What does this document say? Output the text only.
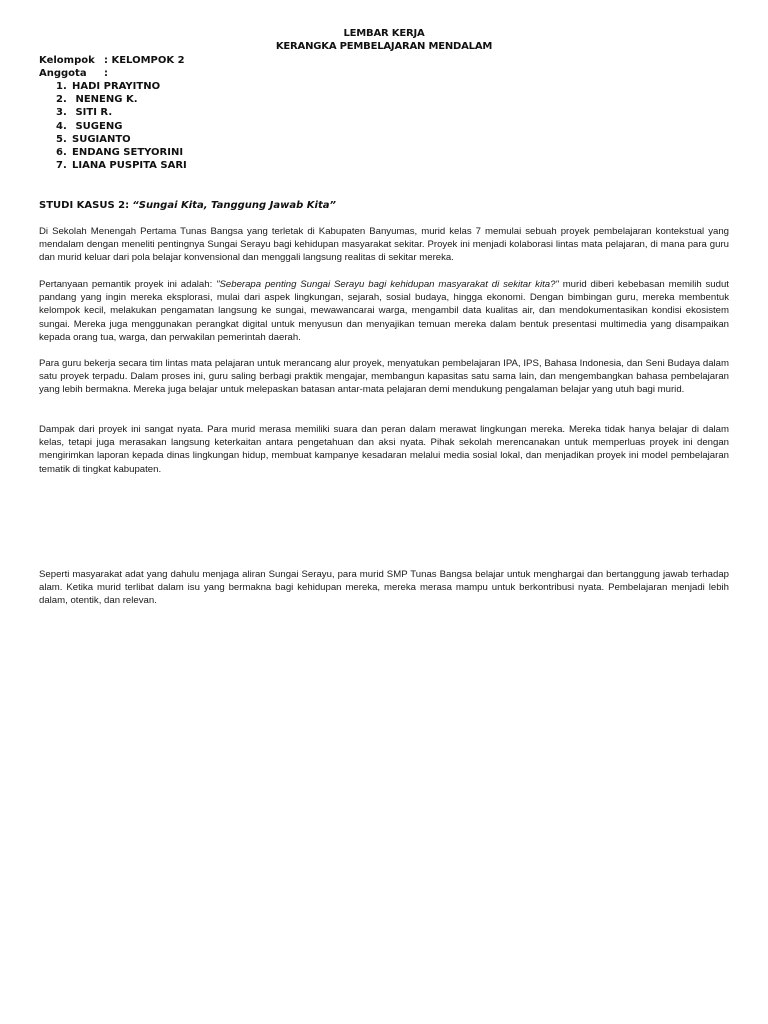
LEMBAR KERJA
KERANGKA PEMBELAJARAN MENDALAM
Kelompok : KELOMPOK 2
Anggota :
1. HADI PRAYITNO
2. NENENG K.
3. SITI R.
4. SUGENG
5. SUGIANTO
6. ENDANG SETYORINI
7. LIANA PUSPITA SARI
STUDI KASUS 2: “Sungai Kita, Tanggung Jawab Kita”
Di Sekolah Menengah Pertama Tunas Bangsa yang terletak di Kabupaten Banyumas, murid kelas 7 memulai sebuah proyek pembelajaran kontekstual yang mendalam dengan meneliti pentingnya Sungai Serayu bagi kehidupan masyarakat sekitar. Proyek ini menjadi kolaborasi lintas mata pelajaran, di mana para guru dan murid keluar dari pola belajar konvensional dan menggali langsung realitas di sekitar mereka.
Pertanyaan pemantik proyek ini adalah: "Seberapa penting Sungai Serayu bagi kehidupan masyarakat di sekitar kita?" murid diberi kebebasan memilih sudut pandang yang ingin mereka eksplorasi, mulai dari aspek lingkungan, sejarah, sosial budaya, hingga ekonomi. Dengan bimbingan guru, mereka membentuk kelompok kecil, melakukan pengamatan langsung ke sungai, mewawancarai warga, mengambil data kualitas air, dan mendokumentasikan kondisi ekosistem sungai. Mereka juga menggunakan perangkat digital untuk menyusun dan menyajikan temuan mereka dalam bentuk presentasi multimedia yang disampaikan kepada orang tua, warga, dan perwakilan pemerintah daerah.
Para guru bekerja secara tim lintas mata pelajaran untuk merancang alur proyek, menyatukan pembelajaran IPA, IPS, Bahasa Indonesia, dan Seni Budaya dalam satu proyek terpadu. Dalam proses ini, guru saling berbagi praktik mengajar, membangun kapasitas satu sama lain, dan mengembangkan bahasa pembelajaran yang lebih bermakna. Mereka juga belajar untuk melepaskan batasan antar-mata pelajaran demi mendukung pengalaman belajar yang utuh bagi murid.
Dampak dari proyek ini sangat nyata. Para murid merasa memiliki suara dan peran dalam merawat lingkungan mereka. Mereka tidak hanya belajar di dalam kelas, tetapi juga merasakan langsung keterkaitan antara pengetahuan dan aksi nyata. Pihak sekolah merencanakan untuk memperluas proyek ini dengan mengirimkan laporan kepada dinas lingkungan hidup, membuat kampanye kesadaran melalui media sosial lokal, dan menjadikan proyek ini model pembelajaran tematik di tingkat kabupaten.
Seperti masyarakat adat yang dahulu menjaga aliran Sungai Serayu, para murid SMP Tunas Bangsa belajar untuk menghargai dan bertanggung jawab terhadap alam. Ketika murid terlibat dalam isu yang bermakna bagi kehidupan mereka, mereka merasa mampu untuk berkontribusi nyata. Pembelajaran menjadi lebih dalam, otentik, dan relevan.
